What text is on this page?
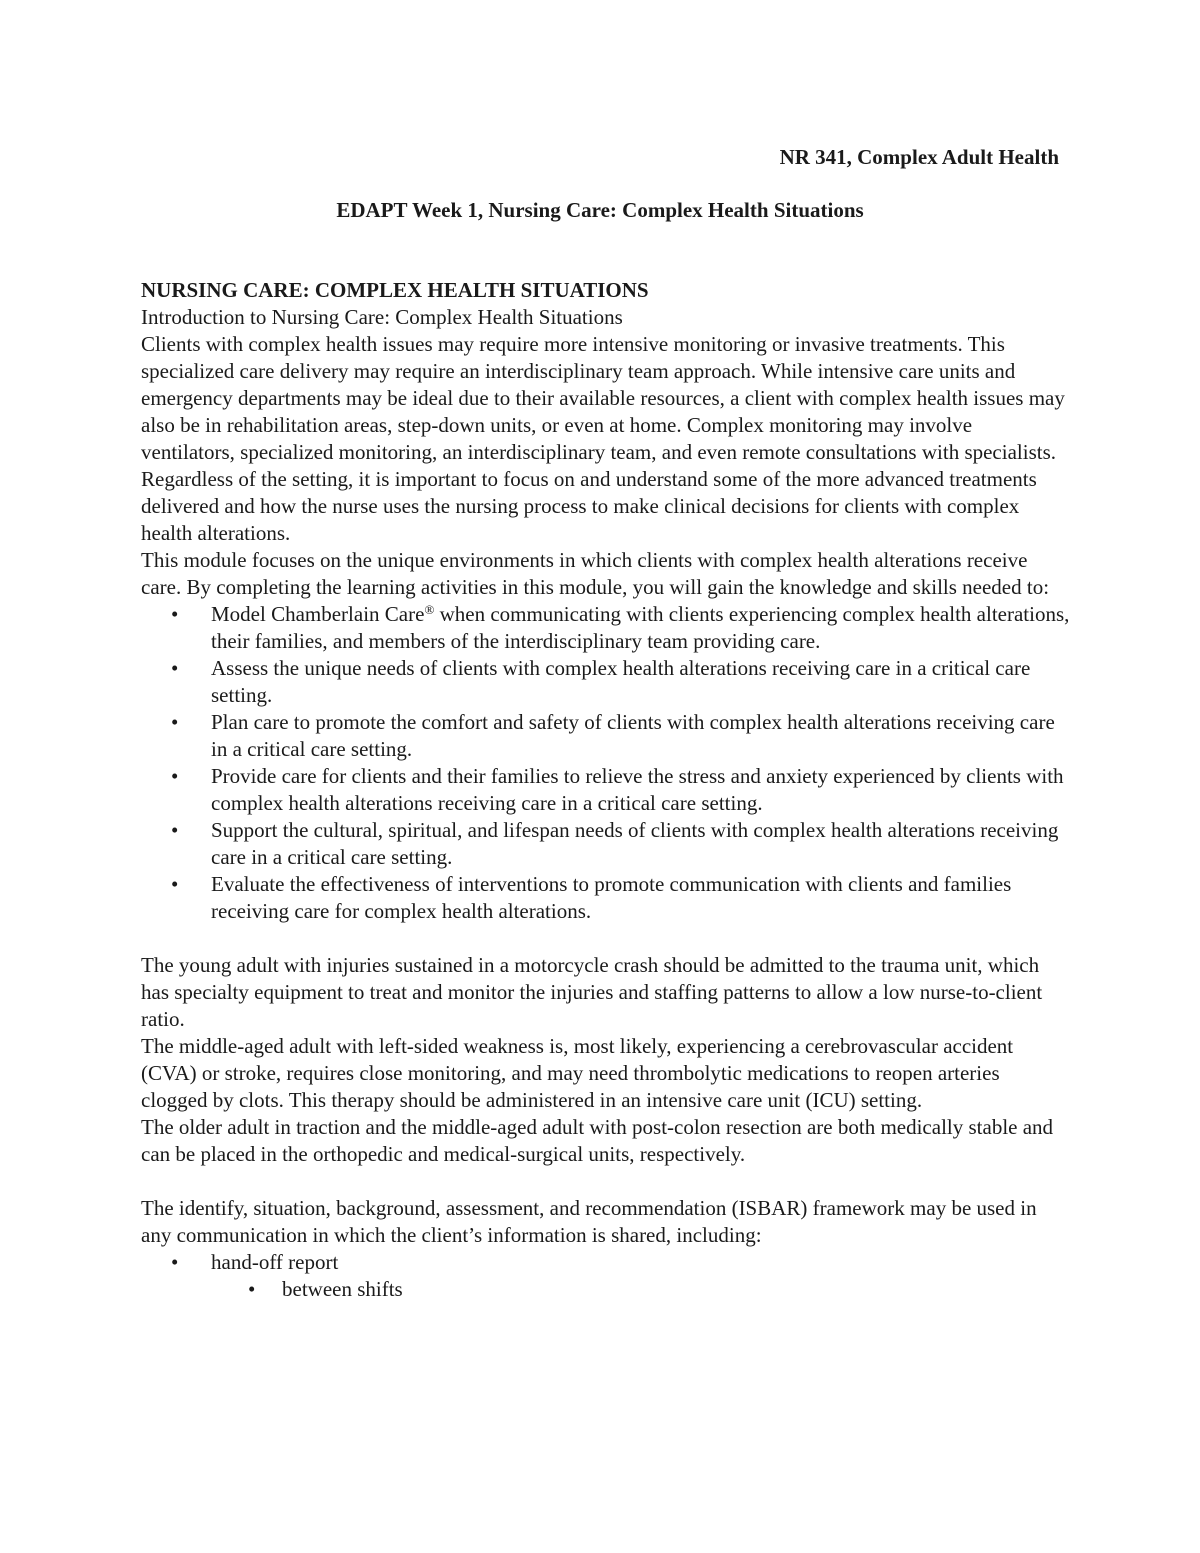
NR 341, Complex Adult Health
EDAPT Week 1, Nursing Care: Complex Health Situations

NURSING CARE: COMPLEX HEALTH SITUATIONS

Introduction to Nursing Care: Complex Health Situations

Clients with complex health issues may require more intensive monitoring or invasive treatments. This specialized care delivery may require an interdisciplinary team approach. While intensive care units and emergency departments may be ideal due to their available resources, a client with complex health issues may also be in rehabilitation areas, step-down units, or even at home. Complex monitoring may involve ventilators, specialized monitoring, an interdisciplinary team, and even remote consultations with specialists. Regardless of the setting, it is important to focus on and understand some of the more advanced treatments delivered and how the nurse uses the nursing process to make clinical decisions for clients with complex health alterations.

This module focuses on the unique environments in which clients with complex health alterations receive care. By completing the learning activities in this module, you will gain the knowledge and skills needed to:

• Model Chamberlain Care® when communicating with clients experiencing complex health alterations, their families, and members of the interdisciplinary team providing care.
• Assess the unique needs of clients with complex health alterations receiving care in a critical care setting.
• Plan care to promote the comfort and safety of clients with complex health alterations receiving care in a critical care setting.
• Provide care for clients and their families to relieve the stress and anxiety experienced by clients with complex health alterations receiving care in a critical care setting.
• Support the cultural, spiritual, and lifespan needs of clients with complex health alterations receiving care in a critical care setting.
• Evaluate the effectiveness of interventions to promote communication with clients and families receiving care for complex health alterations.

The young adult with injuries sustained in a motorcycle crash should be admitted to the trauma unit, which has specialty equipment to treat and monitor the injuries and staffing patterns to allow a low nurse-to-client ratio.

The middle-aged adult with left-sided weakness is, most likely, experiencing a cerebrovascular accident (CVA) or stroke, requires close monitoring, and may need thrombolytic medications to reopen arteries clogged by clots. This therapy should be administered in an intensive care unit (ICU) setting.

The older adult in traction and the middle-aged adult with post-colon resection are both medically stable and can be placed in the orthopedic and medical-surgical units, respectively.

The identify, situation, background, assessment, and recommendation (ISBAR) framework may be used in any communication in which the client’s information is shared, including:

• hand-off report
• between shifts
